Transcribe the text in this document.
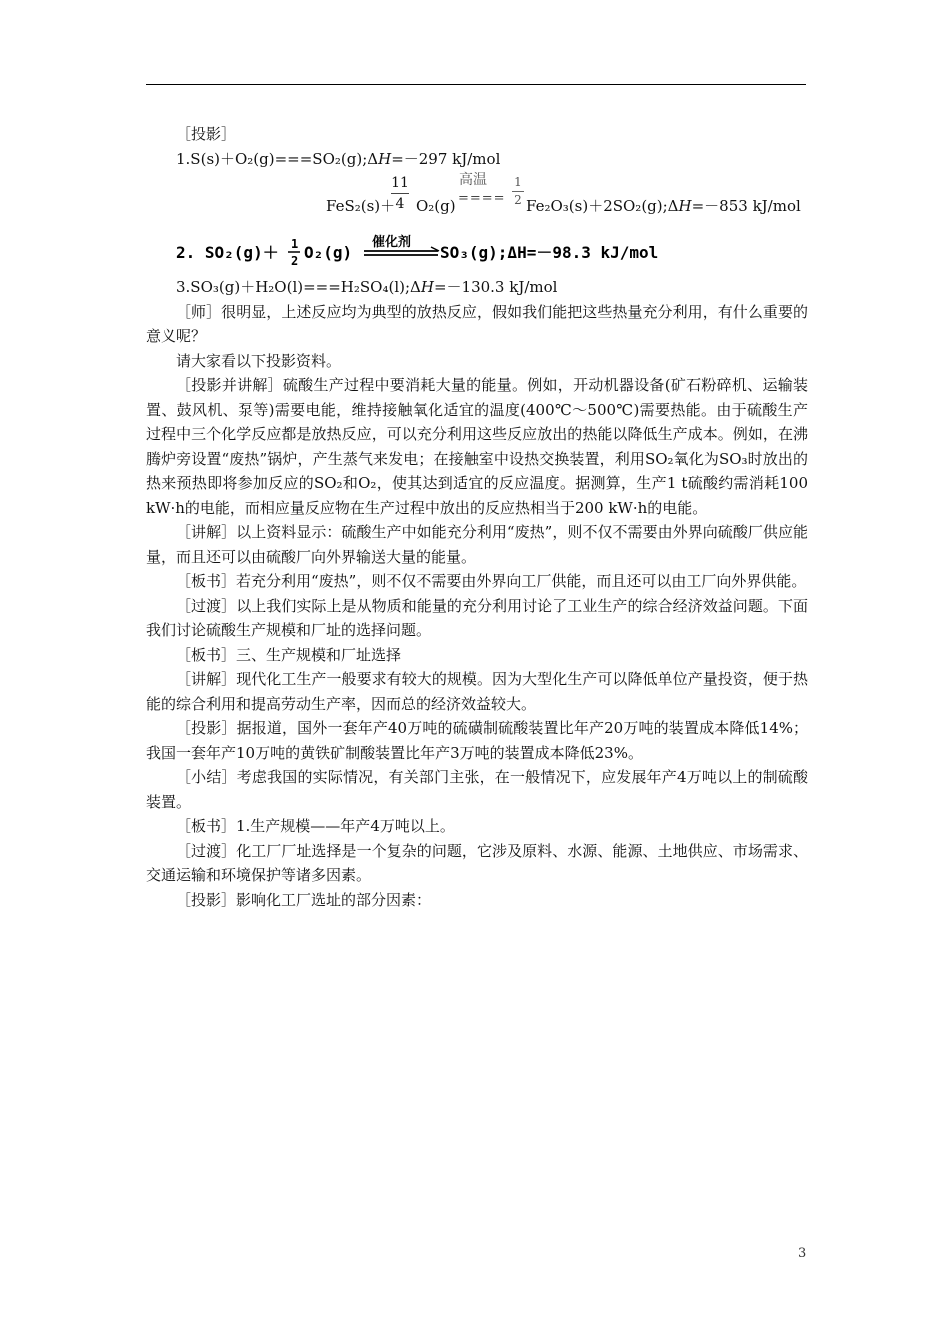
［投影］

1.S(s)＋O₂(g)===SO₂(g);ΔH=－297 kJ/mol

11
4
FeS₂(s)＋ O₂(g)
高温
====
1
2 Fe₂O₃(s)＋2SO₂(g);ΔH=－853 kJ/mol
2. SO₂(g)＋ 1
2 O₂(g)
催化剂
SO₃(g);ΔH=－98.3 kJ/mol

3.SO₃(g)＋H₂O(l)===H₂SO₄(l);ΔH=－130.3 kJ/mol

［师］很明显，上述反应均为典型的放热反应，假如我们能把这些热量充分利用，有什么重要的意义呢？

请大家看以下投影资料。

［投影并讲解］硫酸生产过程中要消耗大量的能量。例如，开动机器设备(矿石粉碎机、运输装置、鼓风机、泵等)需要电能，维持接触氧化适宜的温度(400℃～500℃)需要热能。由于硫酸生产过程中三个化学反应都是放热反应，可以充分利用这些反应放出的热能以降低生产成本。例如，在沸腾炉旁设置“废热”锅炉，产生蒸气来发电；在接触室中设热交换装置，利用SO₂氧化为SO₃时放出的热来预热即将参加反应的SO₂和O₂，使其达到适宜的反应温度。据测算，生产1 t硫酸约需消耗100 kW·h的电能，而相应量反应物在生产过程中放出的反应热相当于200 kW·h的电能。

［讲解］以上资料显示：硫酸生产中如能充分利用“废热”，则不仅不需要由外界向硫酸厂供应能量，而且还可以由硫酸厂向外界输送大量的能量。

［板书］若充分利用“废热”，则不仅不需要由外界向工厂供能，而且还可以由工厂向外界供能。

［过渡］以上我们实际上是从物质和能量的充分利用讨论了工业生产的综合经济效益问题。下面我们讨论硫酸生产规模和厂址的选择问题。

［板书］三、生产规模和厂址选择

［讲解］现代化工生产一般要求有较大的规模。因为大型化生产可以降低单位产量投资，便于热能的综合利用和提高劳动生产率，因而总的经济效益较大。

［投影］据报道，国外一套年产40万吨的硫磺制硫酸装置比年产20万吨的装置成本降低14%；我国一套年产10万吨的黄铁矿制酸装置比年产3万吨的装置成本降低23%。

［小结］考虑我国的实际情况，有关部门主张，在一般情况下，应发展年产4万吨以上的制硫酸装置。

［板书］1.生产规模——年产4万吨以上。

［过渡］化工厂厂址选择是一个复杂的问题，它涉及原料、水源、能源、土地供应、市场需求、交通运输和环境保护等诸多因素。

［投影］影响化工厂选址的部分因素：

3
